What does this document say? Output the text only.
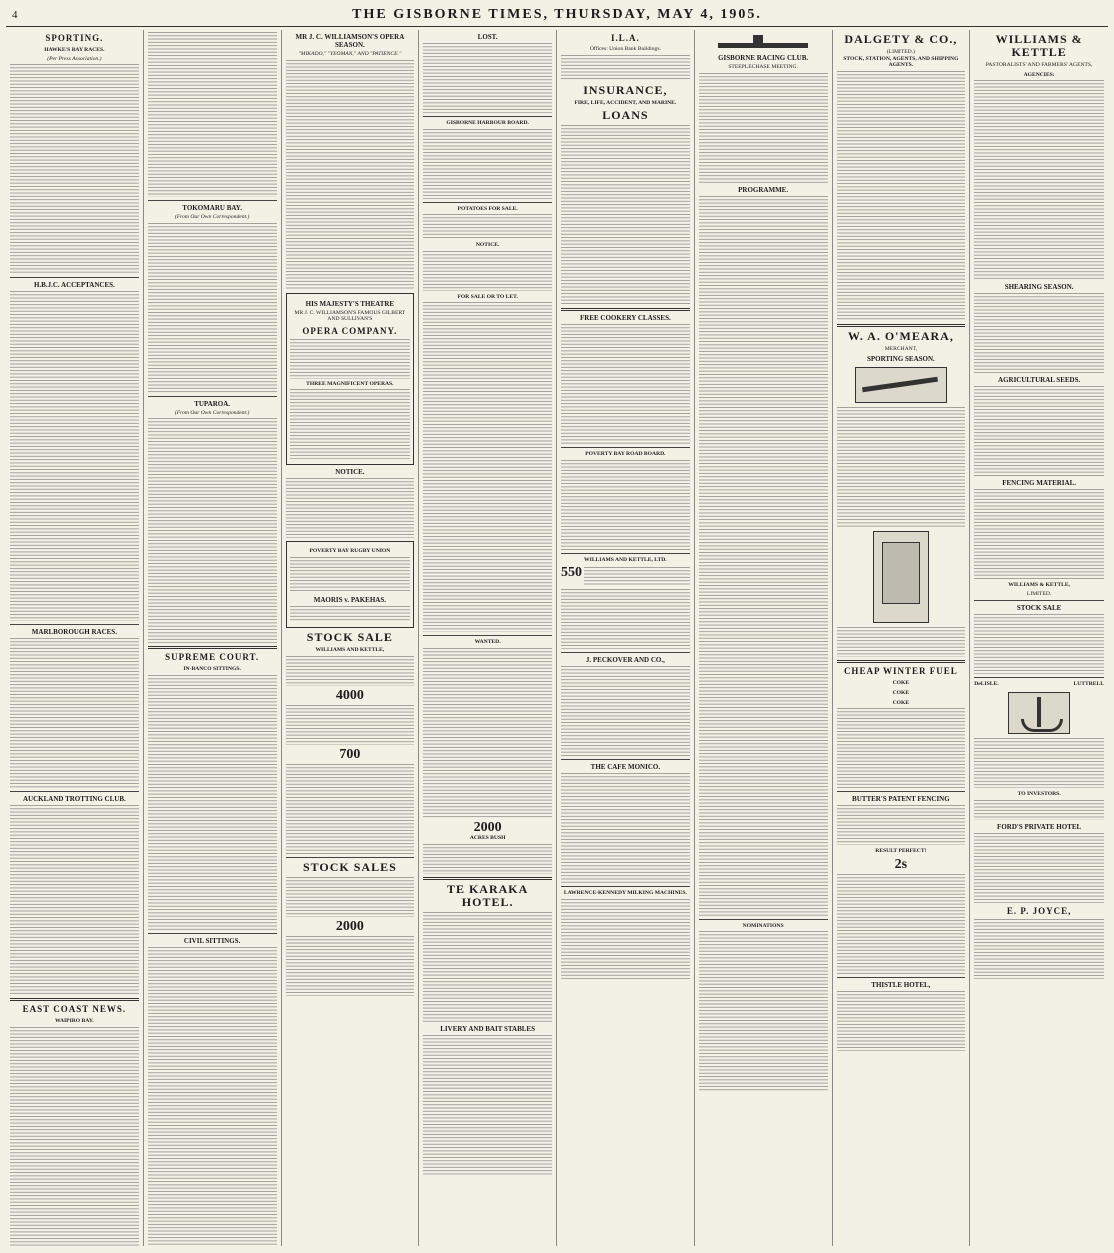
4	THE GISBORNE TIMES, THURSDAY, MAY 4, 1905.
SPORTING.
HAWKE'S BAY RACES.
(Per Press Association.)
H.B.J.C. ACCEPTANCES.
MARLBOROUGH RACES.
AUCKLAND TROTTING CLUB.
EAST COAST NEWS.
WAIPIRO BAY.
TOKOMARU BAY.
(From Our Own Correspondent.)
TUPAROA.
(From Our Own Correspondent.)
SUPREME COURT.
IN-BANCO SITTINGS.
CIVIL SITTINGS.
MR J. C. WILLIAMSON'S OPERA SEASON.
"MIKADO," "YEOMAN," AND "PATIENCE."
HIS MAJESTY'S THEATRE
MR J. C. WILLIAMSON'S FAMOUS GILBERT AND SULLIVAN'S
OPERA COMPANY.
THREE MAGNIFICENT OPERAS.
NOTICE.
POVERTY BAY RUGBY UNION
MAORIS v. PAKEHAS.
STOCK SALE
WILLIAMS AND KETTLE,
4000
700
STOCK SALES
2000
LOST.
GISBORNE HARBOUR BOARD.
POTATOES FOR SALE.
NOTICE.
FOR SALE OR TO LET.
WANTED.
2000
ACRES BUSH
TE KARAKA HOTEL.
LIVERY AND BAIT STABLES
I.L.A.
Offices: Union Bank Buildings.
INSURANCE,
FIRE, LIFE, ACCIDENT, AND MARINE.
LOANS
FREE COOKERY CLASSES.
POVERTY BAY ROAD BOARD.
WILLIAMS AND KETTLE, LTD.
550
J. PECKOVER AND CO.,
THE CAFE MONICO.
LAWRENCE-KENNEDY MILKING MACHINES.
GISBORNE RACING CLUB.
STEEPLECHASE MEETING.
PROGRAMME.
NOMINATIONS
DALGETY & CO.,
(LIMITED.)
STOCK, STATION, AGENTS, AND SHIPPING AGENTS.
W. A. O'MEARA,
MERCHANT,
SPORTING SEASON.
CHEAP WINTER FUEL
COKE
COKE
COKE
BUTTER'S PATENT FENCING
RESULT PERFECT!
2s
THISTLE HOTEL,
WILLIAMS & KETTLE
PASTORALISTS' AND FARMERS' AGENTS,
AGENCIES:
SHEARING SEASON.
AGRICULTURAL SEEDS.
FENCING MATERIAL.
WILLIAMS & KETTLE,
LIMITED.
STOCK SALE
DeLISLE.	LUTTRELL
TO INVESTORS.
FORD'S PRIVATE HOTEL
E. P. JOYCE,
